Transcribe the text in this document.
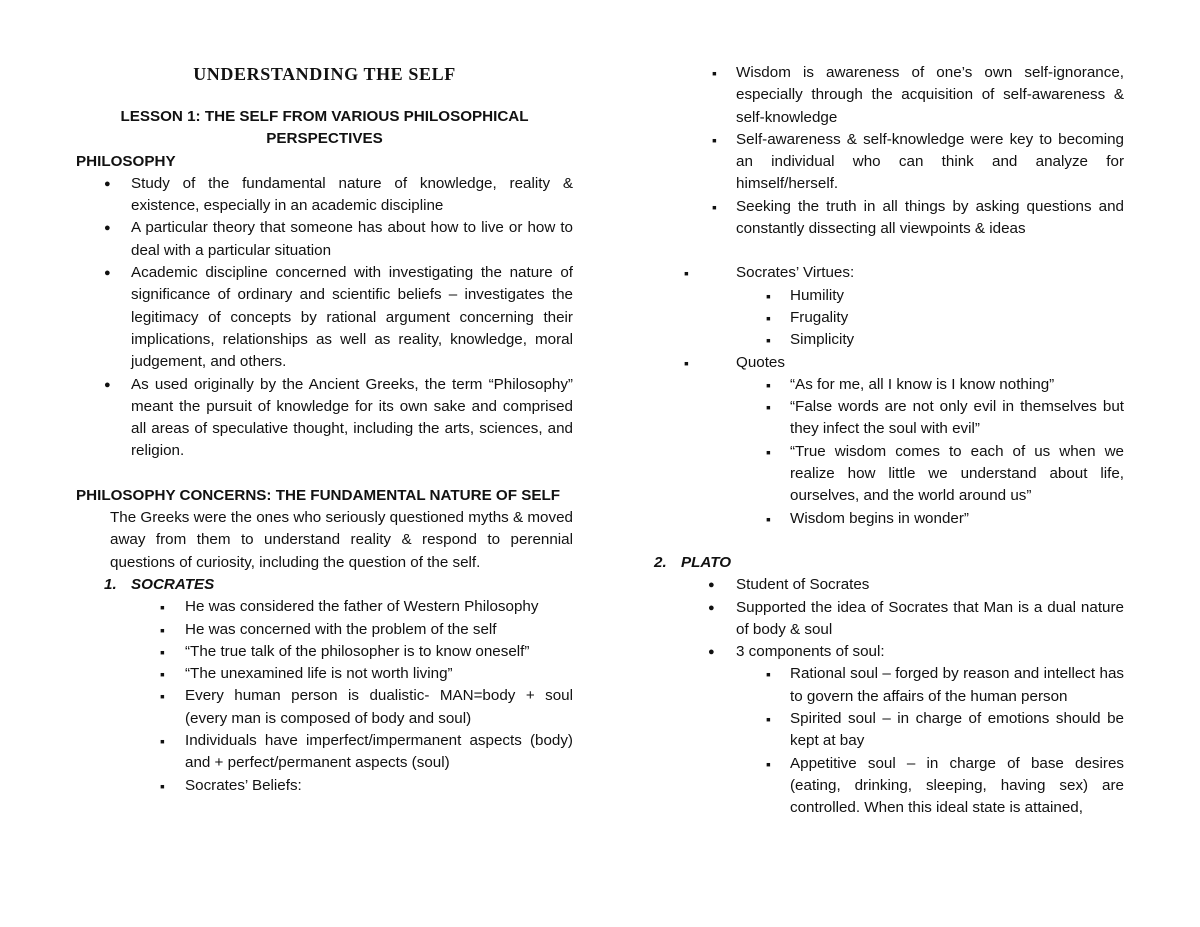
UNDERSTANDING THE SELF

LESSON 1: THE SELF FROM VARIOUS PHILOSOPHICAL

PERSPECTIVES

PHILOSOPHY

● Study of the fundamental nature of knowledge, reality & existence, especially in an academic discipline
● A particular theory that someone has about how to live or how to deal with a particular situation
● Academic discipline concerned with investigating the nature of significance of ordinary and scientific beliefs – investigates the legitimacy of concepts by rational argument concerning their implications, relationships as well as reality, knowledge, moral judgement, and others.
● As used originally by the Ancient Greeks, the term “Philosophy” meant the pursuit of knowledge for its own sake and comprised all areas of speculative thought, including the arts, sciences, and religion.

PHILOSOPHY CONCERNS: THE FUNDAMENTAL NATURE OF SELF

The Greeks were the ones who seriously questioned myths & moved away from them to understand reality & respond to perennial questions of curiosity, including the question of the self.

1. SOCRATES

▪ He was considered the father of Western Philosophy
▪ He was concerned with the problem of the self
▪ “The true talk of the philosopher is to know oneself”
▪ “The unexamined life is not worth living”
▪ Every human person is dualistic- MAN=body + soul (every man is composed of body and soul)
▪ Individuals have imperfect/impermanent aspects (body) and + perfect/permanent aspects (soul)
▪ Socrates’ Beliefs:
▪ Wisdom is awareness of one’s own self-ignorance, especially through the acquisition of self-awareness & self-knowledge
▪ Self-awareness & self-knowledge were key to becoming an individual who can think and analyze for himself/herself.
▪ Seeking the truth in all things by asking questions and constantly dissecting all viewpoints & ideas
▪ Socrates’ Virtues:
▪ Humility
▪ Frugality
▪ Simplicity
▪ Quotes
▪ “As for me, all I know is I know nothing”
▪ “False words are not only evil in themselves but they infect the soul with evil”
▪ “True wisdom comes to each of us when we realize how little we understand about life, ourselves, and the world around us”
▪ Wisdom begins in wonder”

2. PLATO

● Student of Socrates
● Supported the idea of Socrates that Man is a dual nature of body & soul
● 3 components of soul:
▪ Rational soul – forged by reason and intellect has to govern the affairs of the human person
▪ Spirited soul – in charge of emotions should be kept at bay
▪ Appetitive soul – in charge of base desires (eating, drinking, sleeping, having sex) are controlled. When this ideal state is attained,
